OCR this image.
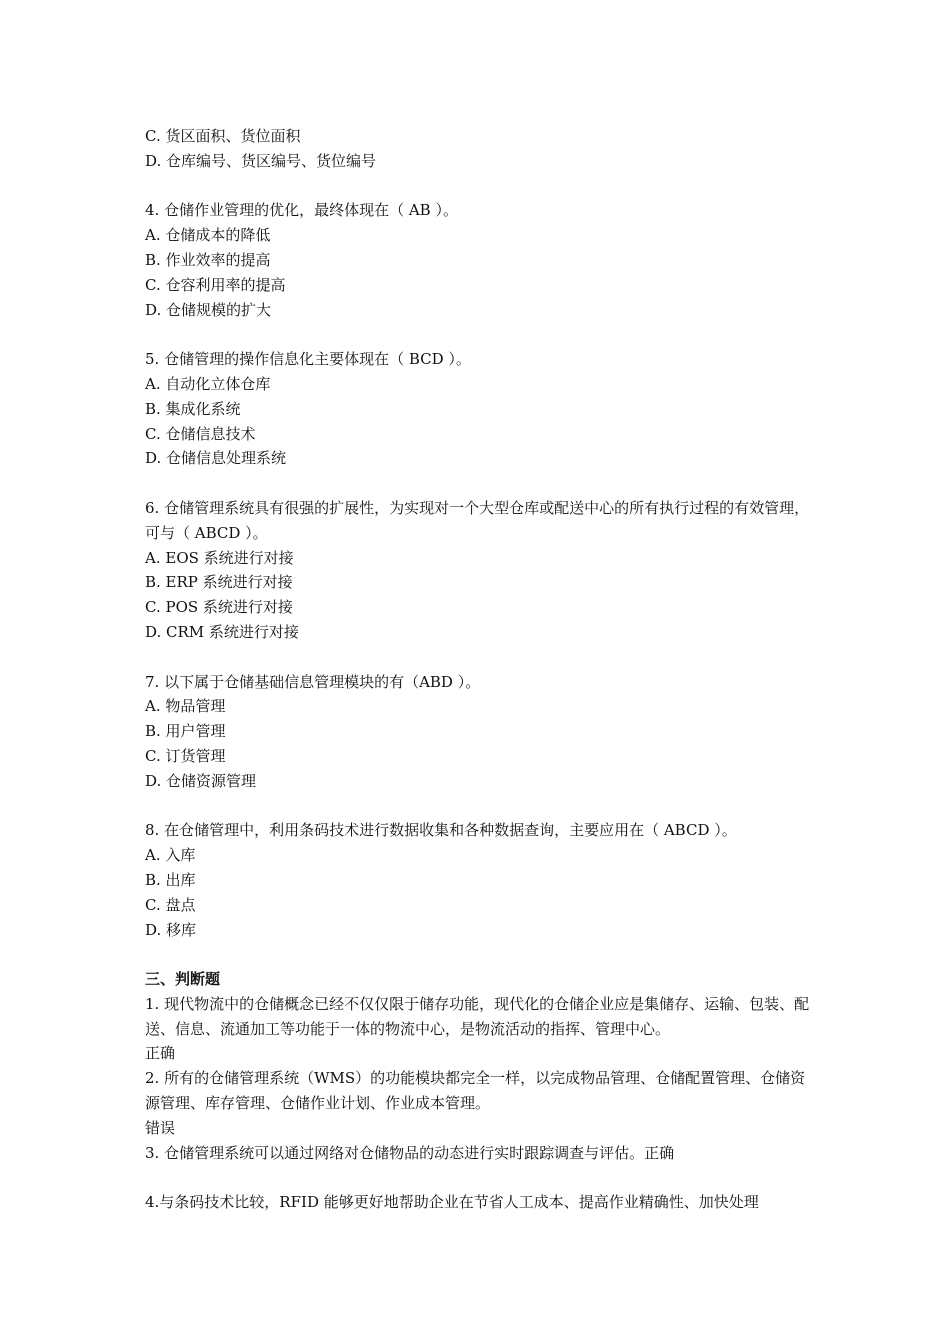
C. 货区面积、货位面积
D. 仓库编号、货区编号、货位编号
4. 仓储作业管理的优化，最终体现在（ AB ）。
A. 仓储成本的降低
B. 作业效率的提高
C. 仓容利用率的提高
D. 仓储规模的扩大
5. 仓储管理的操作信息化主要体现在（ BCD ）。
A. 自动化立体仓库
B. 集成化系统
C. 仓储信息技术
D. 仓储信息处理系统
6. 仓储管理系统具有很强的扩展性，为实现对一个大型仓库或配送中心的所有执行过程的有效管理，可与（ ABCD ）。
A. EOS 系统进行对接
B. ERP 系统进行对接
C. POS 系统进行对接
D. CRM 系统进行对接
7. 以下属于仓储基础信息管理模块的有（ABD ）。
A. 物品管理
B. 用户管理
C. 订货管理
D. 仓储资源管理
8. 在仓储管理中，利用条码技术进行数据收集和各种数据查询，主要应用在（ ABCD ）。
A. 入库
B. 出库
C. 盘点
D. 移库
三、判断题
1. 现代物流中的仓储概念已经不仅仅限于储存功能，现代化的仓储企业应是集储存、运输、包装、配送、信息、流通加工等功能于一体的物流中心，是物流活动的指挥、管理中心。
正确
2. 所有的仓储管理系统（WMS）的功能模块都完全一样，以完成物品管理、仓储配置管理、仓储资源管理、库存管理、仓储作业计划、作业成本管理。
错误
3. 仓储管理系统可以通过网络对仓储物品的动态进行实时跟踪调查与评估。正确
4.与条码技术比较，RFID 能够更好地帮助企业在节省人工成本、提高作业精确性、加快处理
